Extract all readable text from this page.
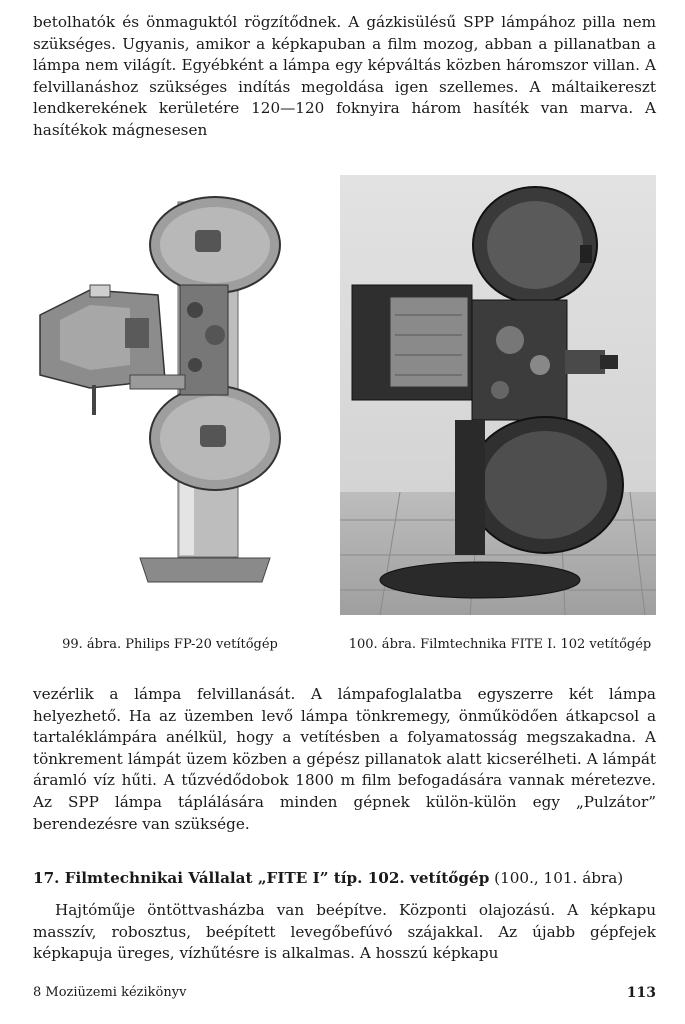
betolhatók és önmaguktól rögzítődnek. A gázkisülésű SPP lámpához pilla nem szükséges. Ugyanis, amikor a képkapuban a film mozog, abban a pillanatban a lámpa nem világít. Egyébként a lámpa egy képváltás közben háromszor villan. A felvillanáshoz szükséges indítás megoldása igen szellemes. A máltaikereszt lendkerekének kerületére 120—120 foknyira három hasíték van marva. A hasítékok mágnesesen

99. ábra. Philips FP-20 vetítőgép	100. ábra. Filmtechnika FITE I. 102 vetítőgép

vezérlik a lámpa felvillanását. A lámpafoglalatba egyszerre két lámpa helyezhető. Ha az üzemben levő lámpa tönkremegy, önműködően átkapcsol a tartaléklámpára anélkül, hogy a vetítésben a folyamatosság megszakadna. A tönkrement lámpát üzem közben a gépész pillanatok alatt kicserélheti. A lámpát áramló víz hűti. A tűzvédődobok 1800 m film befogadására vannak méretezve. Az SPP lámpa táplálására minden gépnek külön-külön egy „Pulzátor” berendezésre van szüksége.

17. Filmtechnikai Vállalat „FITE I” típ. 102. vetítőgép (100., 101. ábra)

Hajtóműje öntöttvasházba van beépítve. Központi olajozású. A képkapu masszív, robosztus, beépített levegőbefúvó szájakkal. Az újabb gépfejek képkapuja üreges, vízhűtésre is alkalmas. A hosszú képkapu

8 Moziüzemi kézikönyv	113
